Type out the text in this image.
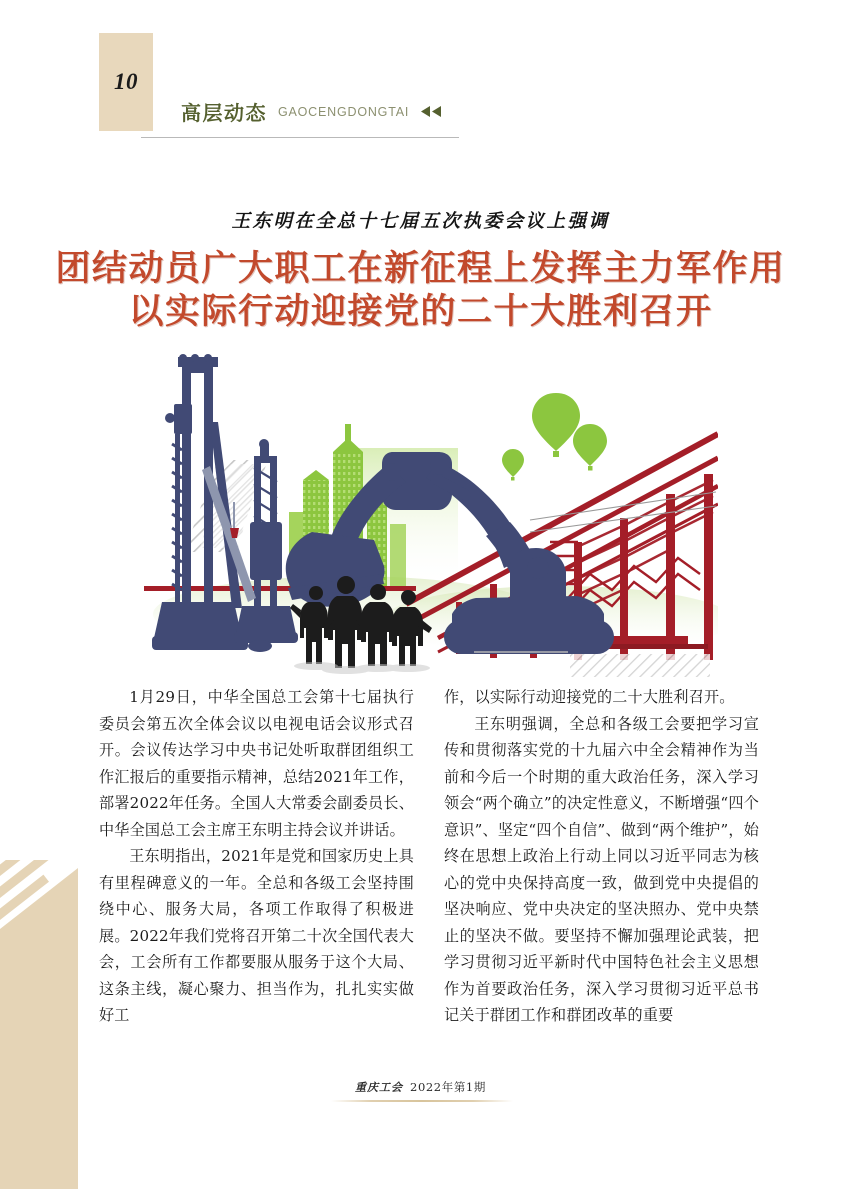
10
高层动态 GAOCENGDONGTAI
王东明在全总十七届五次执委会议上强调
团结动员广大职工在新征程上发挥主力军作用
以实际行动迎接党的二十大胜利召开

1月29日，中华全国总工会第十七届执行委员会第五次全体会议以电视电话会议形式召开。会议传达学习中央书记处听取群团组织工作汇报后的重要指示精神，总结2021年工作，部署2022年任务。全国人大常委会副委员长、中华全国总工会主席王东明主持会议并讲话。

王东明指出，2021年是党和国家历史上具有里程碑意义的一年。全总和各级工会坚持围绕中心、服务大局，各项工作取得了积极进展。2022年我们党将召开第二十次全国代表大会，工会所有工作都要服从服务于这个大局、这条主线，凝心聚力、担当作为，扎扎实实做好工

作，以实际行动迎接党的二十大胜利召开。

王东明强调，全总和各级工会要把学习宣传和贯彻落实党的十九届六中全会精神作为当前和今后一个时期的重大政治任务，深入学习领会“两个确立”的决定性意义，不断增强“四个意识”、坚定“四个自信”、做到“两个维护”，始终在思想上政治上行动上同以习近平同志为核心的党中央保持高度一致，做到党中央提倡的坚决响应、党中央决定的坚决照办、党中央禁止的坚决不做。要坚持不懈加强理论武装，把学习贯彻习近平新时代中国特色社会主义思想作为首要政治任务，深入学习贯彻习近平总书记关于群团工作和群团改革的重要

重庆工会 2022年第1期
